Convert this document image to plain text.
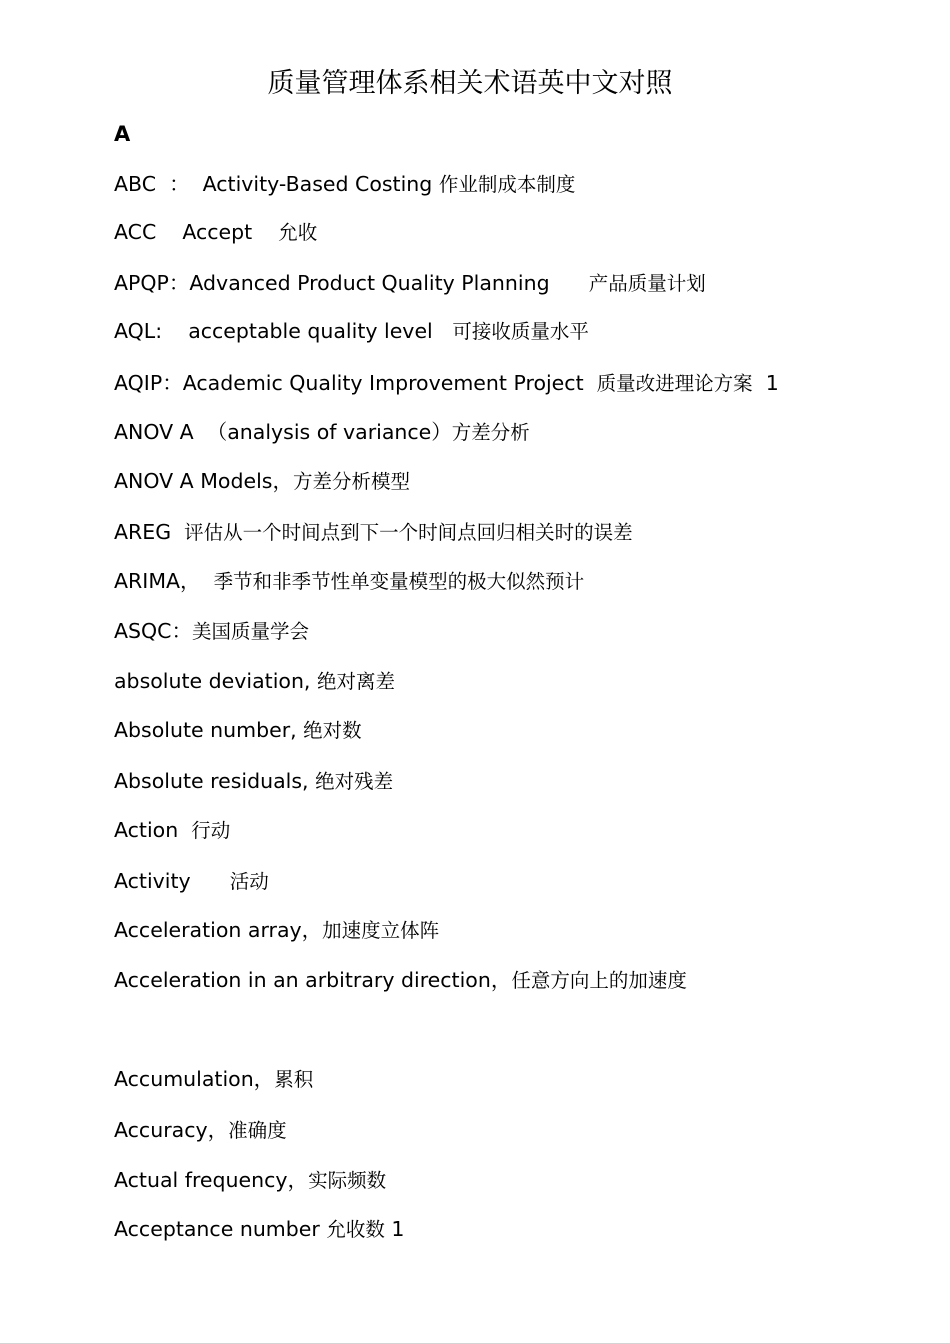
质量管理体系相关术语英中文对照
A
ABC  ：  Activity-Based Costing 作业制成本制度
ACC    Accept    允收
APQP：Advanced Product Quality Planning      产品质量计划
AQL:    acceptable quality level   可接收质量水平
AQIP：Academic Quality Improvement Project  质量改进理论方案  1
ANOV A  （analysis of variance）方差分析
ANOV A Models，方差分析模型
AREG  评估从一个时间点到下一个时间点回归相关时的误差
ARIMA，  季节和非季节性单变量模型的极大似然预计
ASQC：美国质量学会
absolute deviation, 绝对离差
Absolute number, 绝对数
Absolute residuals, 绝对残差
Action  行动
Activity      活动
Acceleration array，加速度立体阵
Acceleration in an arbitrary direction，任意方向上的加速度
Accumulation，累积
Accuracy，准确度
Actual frequency，实际频数
Acceptance number 允收数 1
